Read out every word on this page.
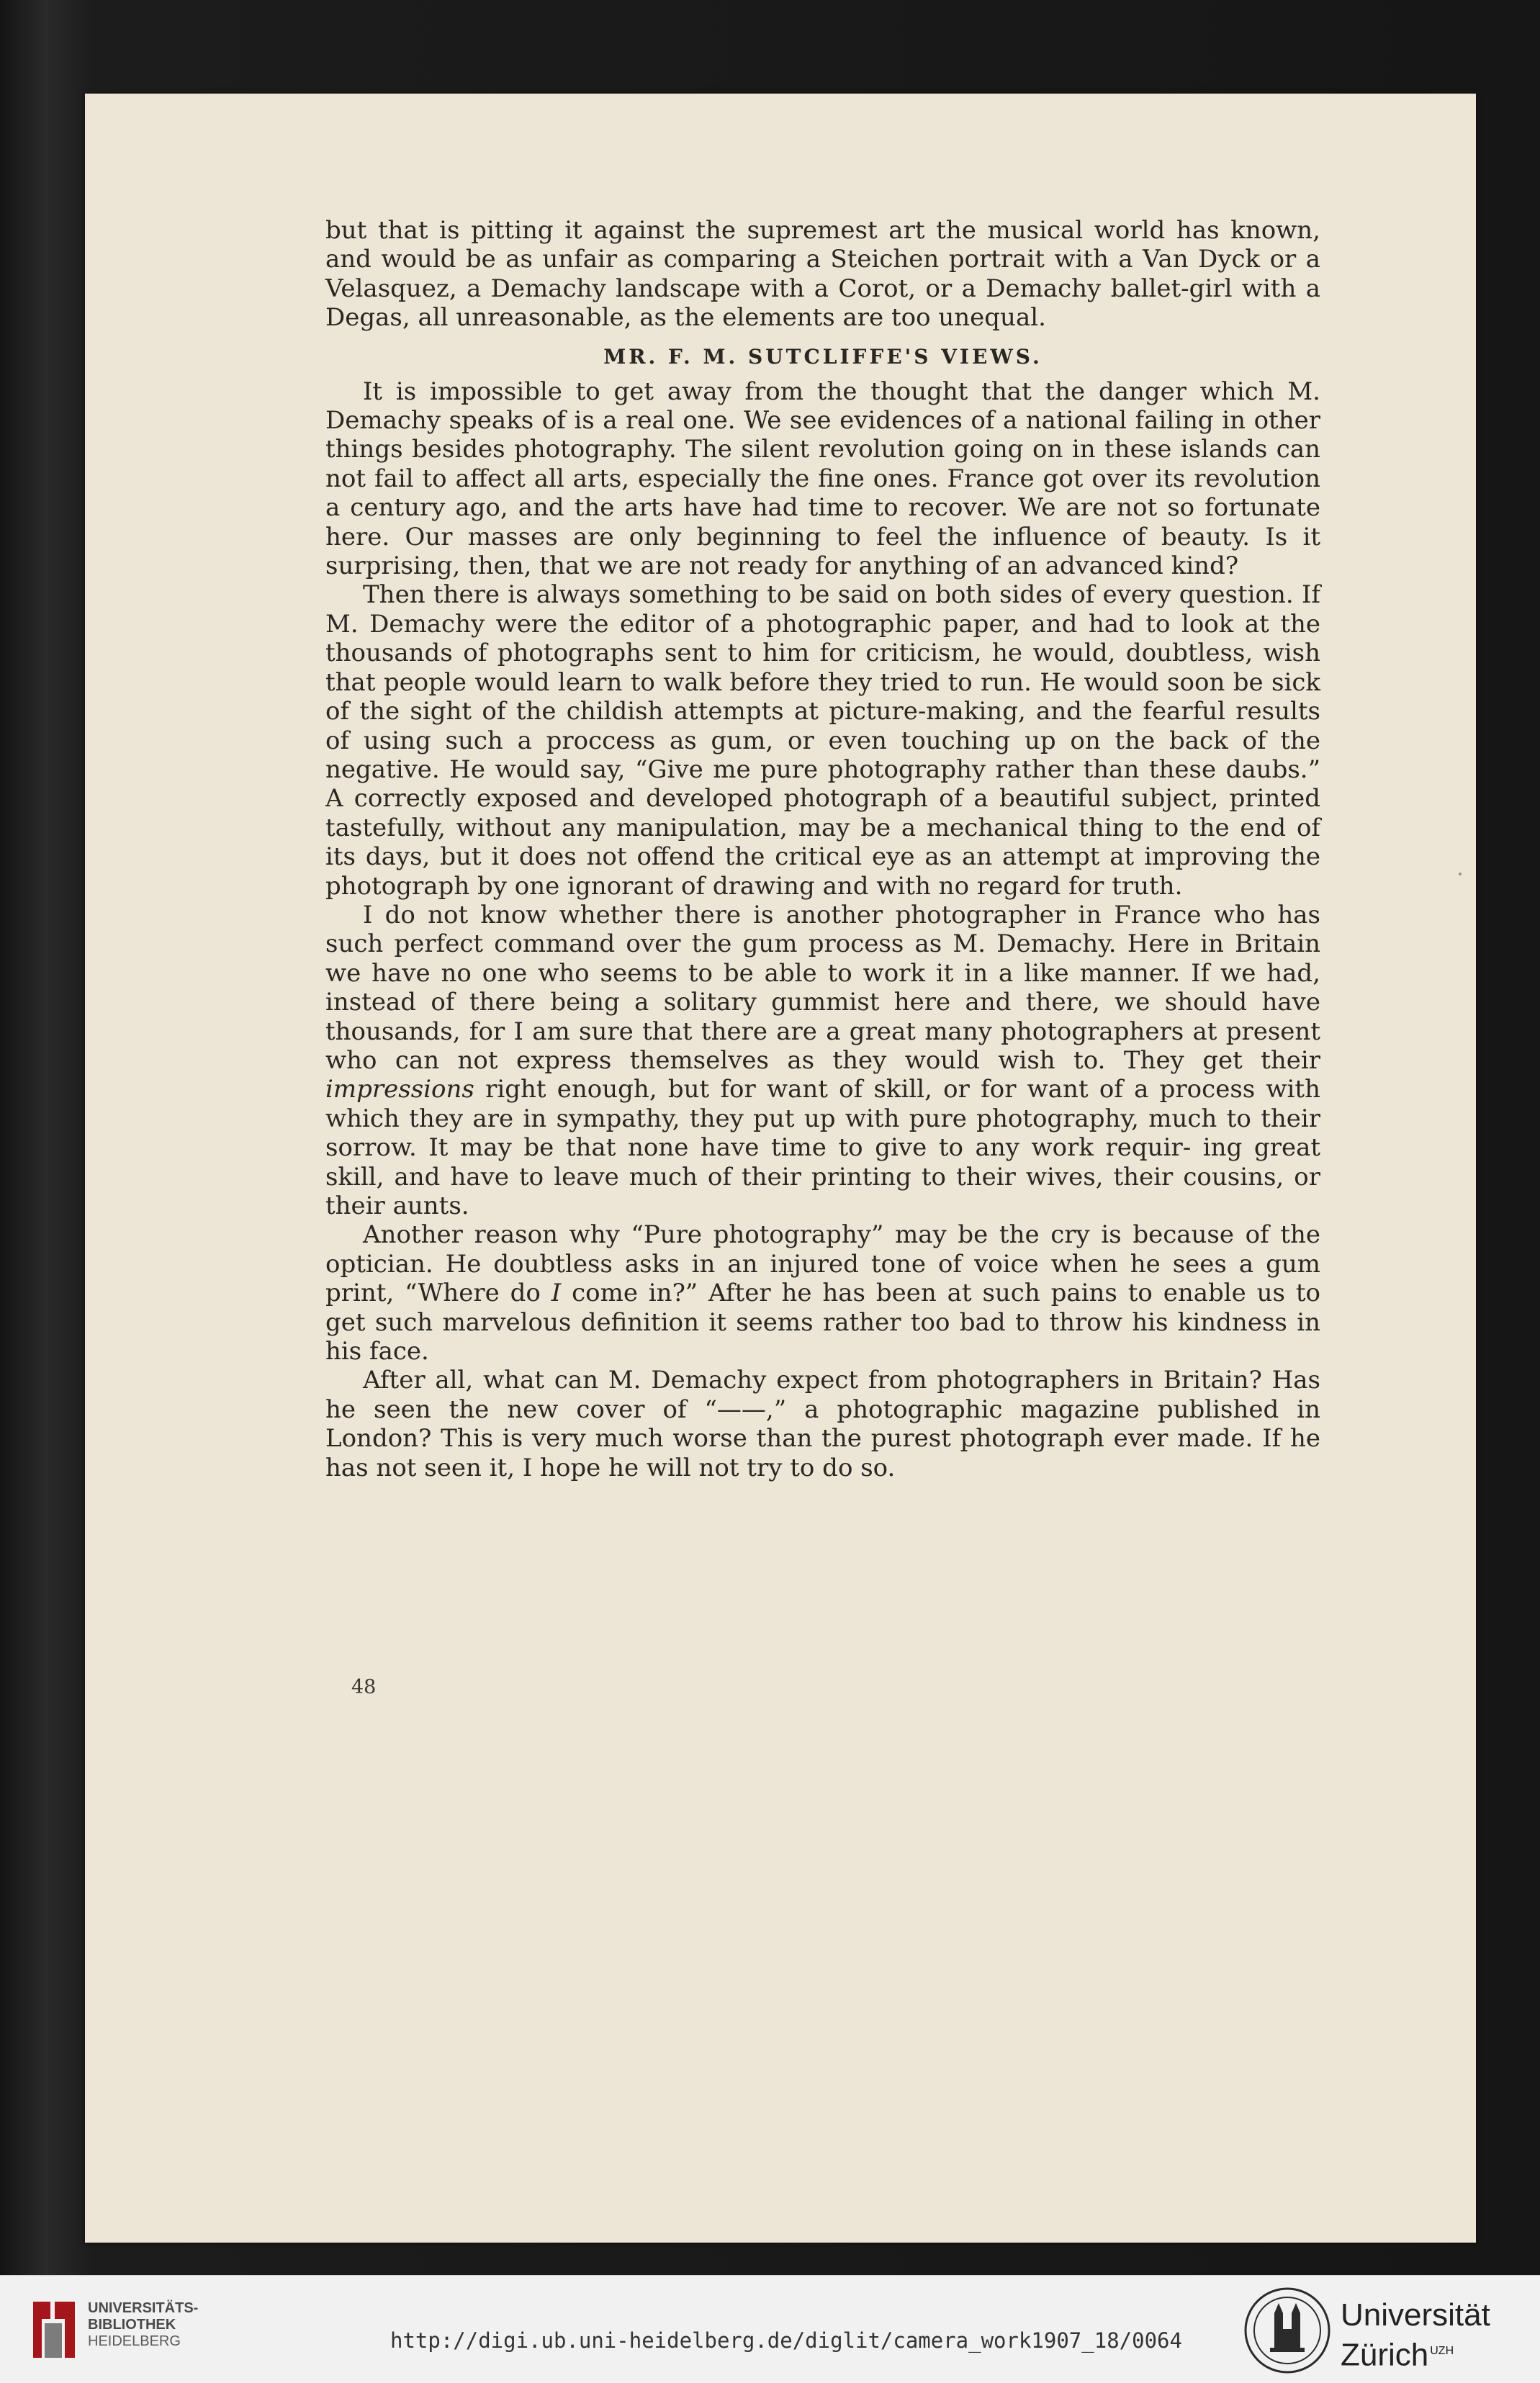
but that is pitting it against the supremest art the musical world has known, and would be as unfair as comparing a Steichen portrait with a Van Dyck or a Velasquez, a Demachy landscape with a Corot, or a Demachy ballet-girl with a Degas, all unreasonable, as the elements are too unequal.

MR. F. M. SUTCLIFFE'S VIEWS.

It is impossible to get away from the thought that the danger which M. Demachy speaks of is a real one. We see evidences of a national failing in other things besides photography. The silent revolution going on in these islands can not fail to affect all arts, especially the fine ones. France got over its revolution a century ago, and the arts have had time to recover. We are not so fortunate here. Our masses are only beginning to feel the influence of beauty. Is it surprising, then, that we are not ready for anything of an advanced kind?

Then there is always something to be said on both sides of every question. If M. Demachy were the editor of a photographic paper, and had to look at the thousands of photographs sent to him for criticism, he would, doubtless, wish that people would learn to walk before they tried to run. He would soon be sick of the sight of the childish attempts at picture-making, and the fearful results of using such a proccess as gum, or even touching up on the back of the negative. He would say, “Give me pure photography rather than these daubs.” A correctly exposed and developed photograph of a beautiful subject, printed tastefully, without any manipulation, may be a mechanical thing to the end of its days, but it does not offend the critical eye as an attempt at improving the photograph by one ignorant of drawing and with no regard for truth.

I do not know whether there is another photographer in France who has such perfect command over the gum process as M. Demachy. Here in Britain we have no one who seems to be able to work it in a like manner. If we had, instead of there being a solitary gummist here and there, we should have thousands, for I am sure that there are a great many photographers at present who can not express themselves as they would wish to. They get their impressions right enough, but for want of skill, or for want of a process with which they are in sympathy, they put up with pure photography, much to their sorrow. It may be that none have time to give to any work requir- ing great skill, and have to leave much of their printing to their wives, their cousins, or their aunts.

Another reason why “Pure photography” may be the cry is because of the optician. He doubtless asks in an injured tone of voice when he sees a gum print, “Where do I come in?” After he has been at such pains to enable us to get such marvelous definition it seems rather too bad to throw his kindness in his face.

After all, what can M. Demachy expect from photographers in Britain? Has he seen the new cover of “——,” a photographic magazine published in London? This is very much worse than the purest photograph ever made. If he has not seen it, I hope he will not try to do so.

48
UNIVERSITÄTS-
BIBLIOTHEK
HEIDELBERG	http://digi.ub.uni-heidelberg.de/diglit/camera_work1907_18/0064
Universität
Zürich $^{UZH}$
